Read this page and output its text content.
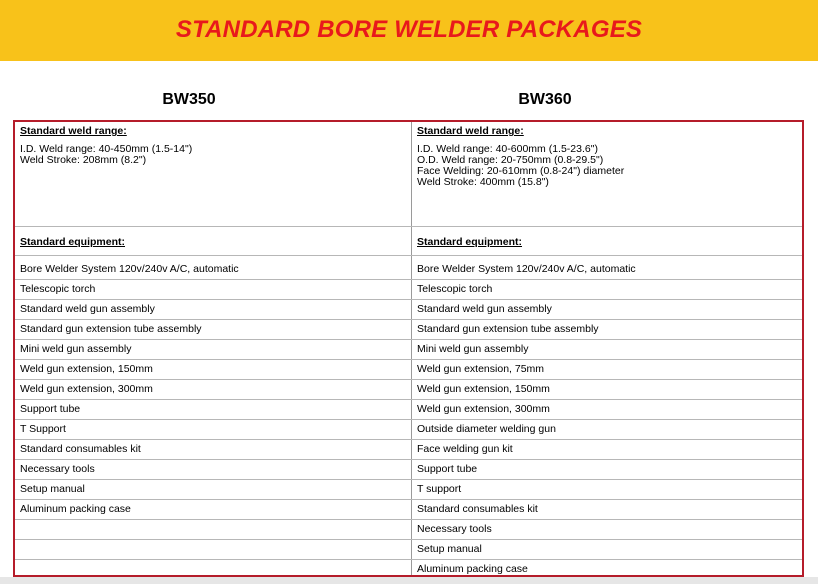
STANDARD BORE WELDER PACKAGES
BW350	BW360
Standard weld range:
I.D. Weld range: 40-450mm (1.5-14")
Weld Stroke: 208mm (8.2")
Standard equipment:
Bore Welder System 120v/240v A/C, automatic
Telescopic torch
Standard weld gun assembly
Standard gun extension tube assembly
Mini weld gun assembly
Weld gun extension, 150mm
Weld gun extension, 300mm
Support tube
T Support
Standard consumables kit
Necessary tools
Setup manual
Aluminum packing case
Standard weld range:
I.D. Weld range: 40-600mm (1.5-23.6")
O.D. Weld range: 20-750mm (0.8-29.5")
Face Welding: 20-610mm (0.8-24") diameter
Weld Stroke: 400mm (15.8")
Standard equipment:
Bore Welder System 120v/240v A/C, automatic
Telescopic torch
Standard weld gun assembly
Standard gun extension tube assembly
Mini weld gun assembly
Weld gun extension, 75mm
Weld gun extension, 150mm
Weld gun extension, 300mm
Outside diameter welding gun
Face welding gun kit
Support tube
T support
Standard consumables kit
Necessary tools
Setup manual
Aluminum packing case
